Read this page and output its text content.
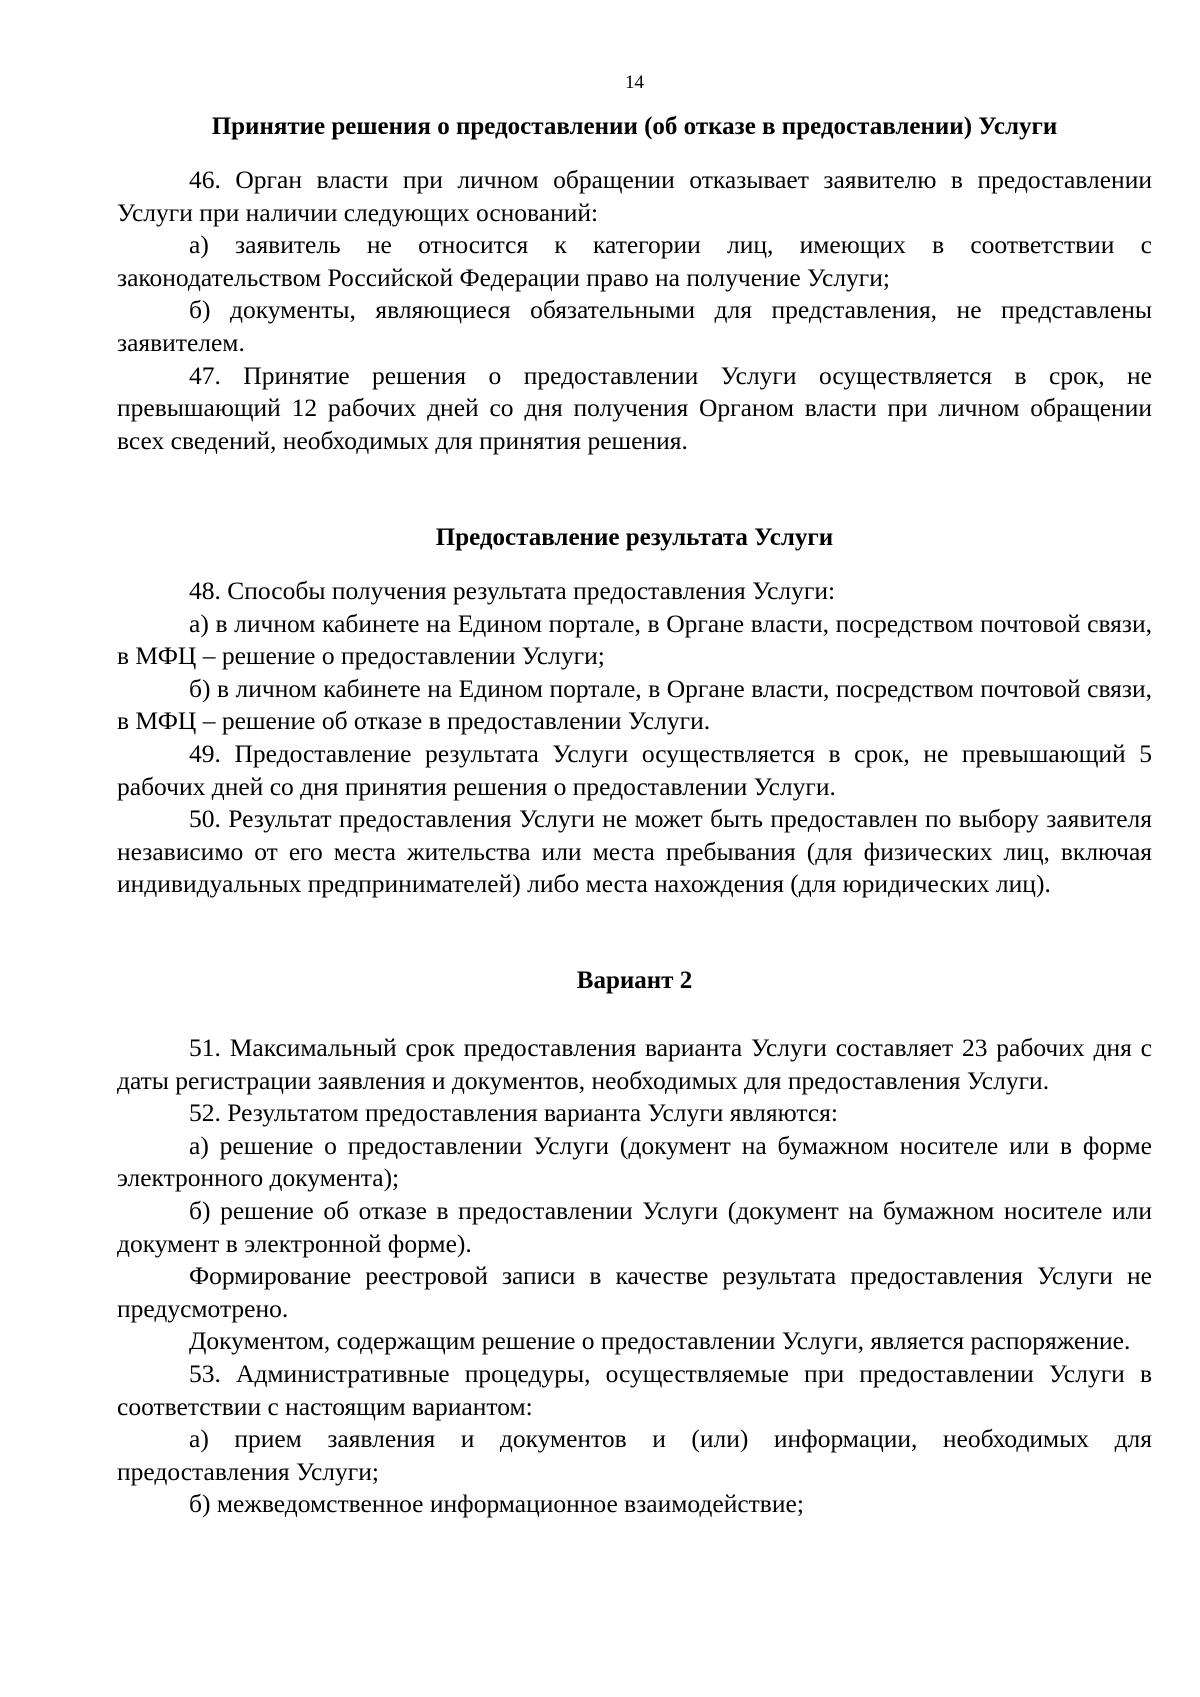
14
Принятие решения о предоставлении (об отказе в предоставлении) Услуги

46. Орган власти при личном обращении отказывает заявителю в предоставлении Услуги при наличии следующих оснований:

а) заявитель не относится к категории лиц, имеющих в соответствии с законодательством Российской Федерации право на получение Услуги;

б) документы, являющиеся обязательными для представления, не представлены заявителем.

47. Принятие решения о предоставлении Услуги осуществляется в срок, не превышающий 12 рабочих дней со дня получения Органом власти при личном обращении всех сведений, необходимых для принятия решения.

Предоставление результата Услуги

48. Способы получения результата предоставления Услуги:

а) в личном кабинете на Едином портале, в Органе власти, посредством почтовой связи, в МФЦ – решение о предоставлении Услуги;

б) в личном кабинете на Едином портале, в Органе власти, посредством почтовой связи, в МФЦ – решение об отказе в предоставлении Услуги.

49. Предоставление результата Услуги осуществляется в срок, не превышающий 5 рабочих дней со дня принятия решения о предоставлении Услуги.

50. Результат предоставления Услуги не может быть предоставлен по выбору заявителя независимо от его места жительства или места пребывания (для физических лиц, включая индивидуальных предпринимателей) либо места нахождения (для юридических лиц).

Вариант 2

51. Максимальный срок предоставления варианта Услуги составляет 23 рабочих дня с даты регистрации заявления и документов, необходимых для предоставления Услуги.

52. Результатом предоставления варианта Услуги являются:

а) решение о предоставлении Услуги (документ на бумажном носителе или в форме электронного документа);

б) решение об отказе в предоставлении Услуги (документ на бумажном носителе или документ в электронной форме).

Формирование реестровой записи в качестве результата предоставления Услуги не предусмотрено.

Документом, содержащим решение о предоставлении Услуги, является распоряжение.

53. Административные процедуры, осуществляемые при предоставлении Услуги в соответствии с настоящим вариантом:

а) прием заявления и документов и (или) информации, необходимых для предоставления Услуги;

б) межведомственное информационное взаимодействие;
